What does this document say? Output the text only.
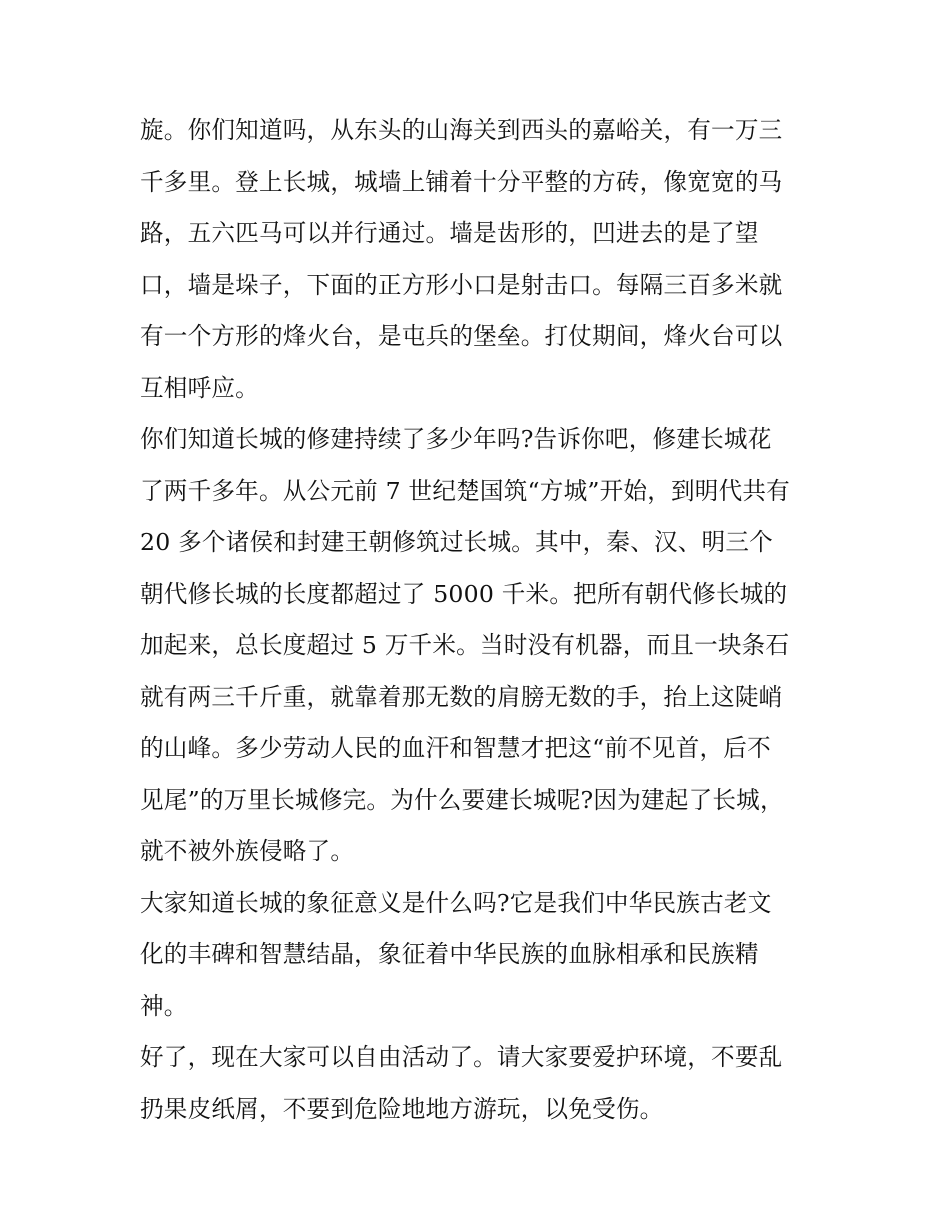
旋。你们知道吗，从东头的山海关到西头的嘉峪关，有一万三
千多里。登上长城，城墙上铺着十分平整的方砖，像宽宽的马
路，五六匹马可以并行通过。墙是齿形的，凹进去的是了望
口，墙是垛子，下面的正方形小口是射击口。每隔三百多米就
有一个方形的烽火台，是屯兵的堡垒。打仗期间，烽火台可以
互相呼应。

你们知道长城的修建持续了多少年吗?告诉你吧，修建长城花
了两千多年。从公元前 7 世纪楚国筑“方城”开始，到明代共有
20 多个诸侯和封建王朝修筑过长城。其中，秦、汉、明三个
朝代修长城的长度都超过了 5000 千米。把所有朝代修长城的
加起来，总长度超过 5 万千米。当时没有机器，而且一块条石
就有两三千斤重，就靠着那无数的肩膀无数的手，抬上这陡峭
的山峰。多少劳动人民的血汗和智慧才把这“前不见首，后不
见尾”的万里长城修完。为什么要建长城呢?因为建起了长城，
就不被外族侵略了。

大家知道长城的象征意义是什么吗?它是我们中华民族古老文
化的丰碑和智慧结晶，象征着中华民族的血脉相承和民族精
神。

好了，现在大家可以自由活动了。请大家要爱护环境，不要乱
扔果皮纸屑，不要到危险地地方游玩，以免受伤。
